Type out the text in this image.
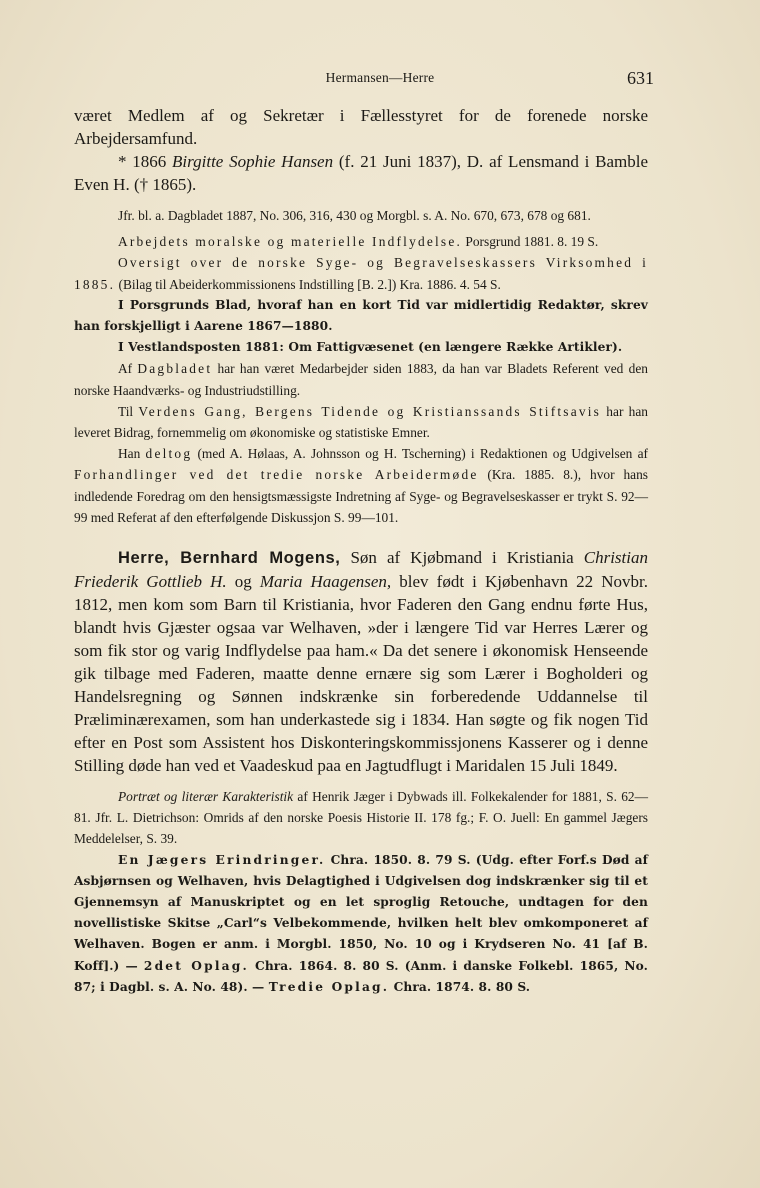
Hermansen—Herre	631

været Medlem af og Sekretær i Fællesstyret for de forenede norske Arbejdersamfund.

* 1866 Birgitte Sophie Hansen (f. 21 Juni 1837), D. af Lensmand i Bamble Even H. († 1865).

Jfr. bl. a. Dagbladet 1887, No. 306, 316, 430 og Morgbl. s. A. No. 670, 673, 678 og 681.

Arbejdets moralske og materielle Indflydelse. Porsgrund 1881. 8. 19 S.

Oversigt over de norske Syge- og Begravelseskassers Virksomhed i 1885. (Bilag til Abeiderkommissionens Indstilling [B. 2.]) Kra. 1886. 4. 54 S.

I Porsgrunds Blad, hvoraf han en kort Tid var midlertidig Redaktør, skrev han forskjelligt i Aarene 1867—1880.

I Vestlandsposten 1881: Om Fattigvæsenet (en længere Række Artikler).

Af Dagbladet har han været Medarbejder siden 1883, da han var Bladets Referent ved den norske Haandværks- og Industriudstilling.

Til Verdens Gang, Bergens Tidende og Kristianssands Stiftsavis har han leveret Bidrag, fornemmelig om økonomiske og statistiske Emner.

Han deltog (med A. Hølaas, A. Johnsson og H. Tscherning) i Redaktionen og Udgivelsen af Forhandlinger ved det tredie norske Arbeidermøde (Kra. 1885. 8.), hvor hans indledende Foredrag om den hensigtsmæssigste Indretning af Syge- og Begravelseskasser er trykt S. 92—99 med Referat af den efterfølgende Diskussjon S. 99—101.

Herre, Bernhard Mogens, Søn af Kjøbmand i Kristiania Christian Friederik Gottlieb H. og Maria Haagensen, blev født i Kjøbenhavn 22 Novbr. 1812, men kom som Barn til Kristiania, hvor Faderen den Gang endnu førte Hus, blandt hvis Gjæster ogsaa var Welhaven, »der i længere Tid var Herres Lærer og som fik stor og varig Indflydelse paa ham.« Da det senere i økonomisk Henseende gik tilbage med Faderen, maatte denne ernære sig som Lærer i Bogholderi og Handelsregning og Sønnen indskrænke sin forberedende Uddannelse til Præliminærexamen, som han underkastede sig i 1834. Han søgte og fik nogen Tid efter en Post som Assistent hos Diskonteringskommissjonens Kasserer og i denne Stilling døde han ved et Vaadeskud paa en Jagtudflugt i Maridalen 15 Juli 1849.

Portræt og literær Karakteristik af Henrik Jæger i Dybwads ill. Folkekalender for 1881, S. 62—81. Jfr. L. Dietrichson: Omrids af den norske Poesis Historie II. 178 fg.; F. O. Juell: En gammel Jægers Meddelelser, S. 39.

En Jægers Erindringer. Chra. 1850. 8. 79 S. (Udg. efter Forf.s Død af Asbjørnsen og Welhaven, hvis Delagtighed i Udgivelsen dog indskrænker sig til et Gjennemsyn af Manuskriptet og en let sproglig Retouche, undtagen for den novellistiske Skitse „Carl“s Velbekommende, hvilken helt blev omkomponeret af Welhaven. Bogen er anm. i Morgbl. 1850, No. 10 og i Krydseren No. 41 [af B. Koff].) — 2det Oplag. Chra. 1864. 8. 80 S. (Anm. i danske Folkebl. 1865, No. 87; i Dagbl. s. A. No. 48). — Tredie Oplag. Chra. 1874. 8. 80 S.
